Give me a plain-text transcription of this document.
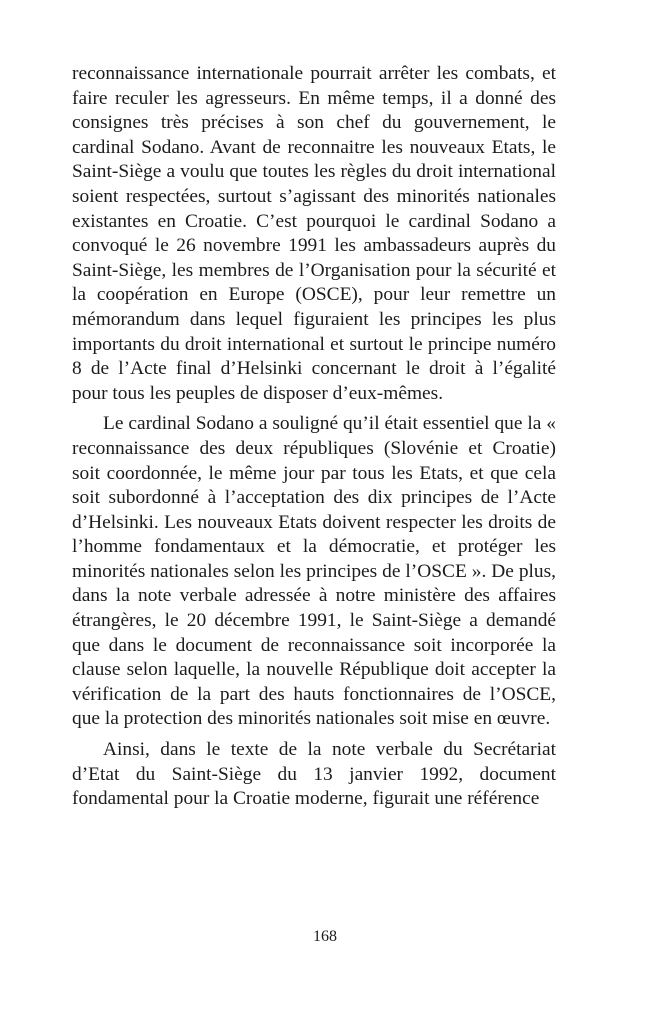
reconnaissance internationale pourrait arrêter les combats, et faire reculer les agresseurs. En même temps, il a donné des consignes très précises à son chef du gouvernement, le cardinal Sodano. Avant de reconnaitre les nouveaux Etats, le Saint-Siège a voulu que toutes les règles du droit international soient respectées, surtout s’agissant des minorités nationales existantes en Croatie. C’est pourquoi le cardinal Sodano a convoqué le 26 novembre 1991 les ambassadeurs auprès du Saint-Siège, les membres de l’Organisation pour la sécurité et la coopération en Europe (OSCE), pour leur remettre un mémorandum dans lequel figuraient les principes les plus importants du droit international et surtout le principe numéro 8 de l’Acte final d’Helsinki concernant le droit à l’égalité pour tous les peuples de disposer d’eux-mêmes.

Le cardinal Sodano a souligné qu’il était essentiel que la « reconnaissance des deux républiques (Slovénie et Croatie) soit coordonnée, le même jour par tous les Etats, et que cela soit subordonné à l’acceptation des dix principes de l’Acte d’Helsinki. Les nouveaux Etats doivent respecter les droits de l’homme fondamentaux et la démocratie, et protéger les minorités nationales selon les principes de l’OSCE ». De plus, dans la note verbale adressée à notre ministère des affaires étrangères, le 20 décembre 1991, le Saint-Siège a demandé que dans le document de reconnaissance soit incorporée la clause selon laquelle, la nouvelle République doit accepter la vérification de la part des hauts fonctionnaires de l’OSCE, que la protection des minorités nationales soit mise en œuvre.

Ainsi, dans le texte de la note verbale du Secrétariat d’Etat du Saint-Siège du 13 janvier 1992, document fondamental pour la Croatie moderne, figurait une référence

168
